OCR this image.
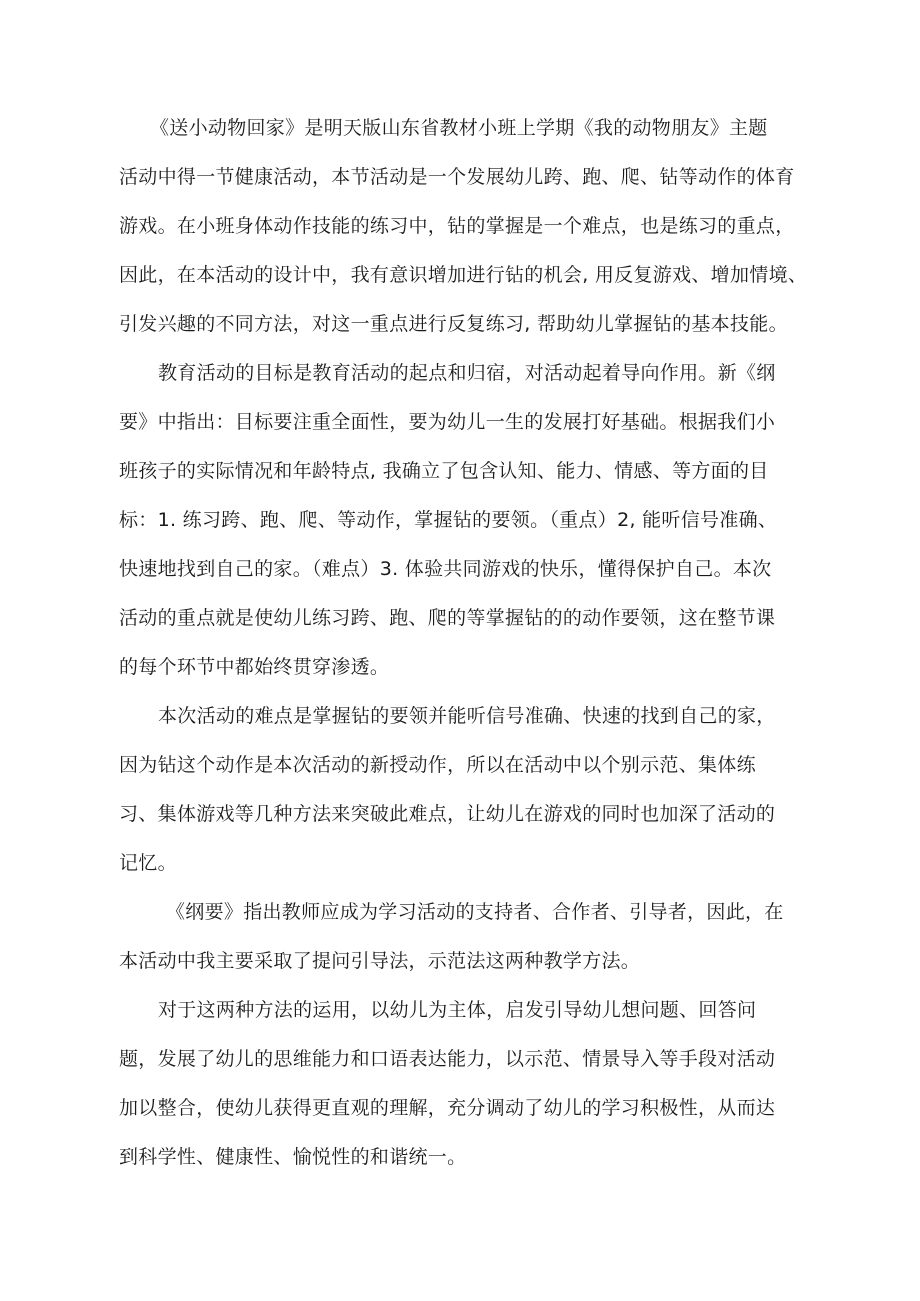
《送小动物回家》是明天版山东省教材小班上学期《我的动物朋友》主题
活动中得一节健康活动，本节活动是一个发展幼儿跨、跑、爬、钻等动作的体育
游戏。在小班身体动作技能的练习中，钻的掌握是一个难点，也是练习的重点，
因此，在本活动的设计中，我有意识增加进行钻的机会, 用反复游戏、增加情境、
引发兴趣的不同方法，对这一重点进行反复练习, 帮助幼儿掌握钻的基本技能。
教育活动的目标是教育活动的起点和归宿，对活动起着导向作用。新《纲
要》中指出：目标要注重全面性，要为幼儿一生的发展打好基础。根据我们小
班孩子的实际情况和年龄特点, 我确立了包含认知、能力、情感、等方面的目
标：1. 练习跨、跑、爬、等动作，掌握钻的要领。（重点）2, 能听信号准确、
快速地找到自己的家。（难点）3. 体验共同游戏的快乐，懂得保护自己。本次
活动的重点就是使幼儿练习跨、跑、爬的等掌握钻的的动作要领，这在整节课
的每个环节中都始终贯穿渗透。
本次活动的难点是掌握钻的要领并能听信号准确、快速的找到自己的家，
因为钻这个动作是本次活动的新授动作，所以在活动中以个别示范、集体练
习、集体游戏等几种方法来突破此难点，让幼儿在游戏的同时也加深了活动的
记忆。
《纲要》指出教师应成为学习活动的支持者、合作者、引导者，因此，在
本活动中我主要采取了提问引导法，示范法这两种教学方法。
对于这两种方法的运用，以幼儿为主体，启发引导幼儿想问题、回答问
题，发展了幼儿的思维能力和口语表达能力，以示范、情景导入等手段对活动
加以整合，使幼儿获得更直观的理解，充分调动了幼儿的学习积极性，从而达
到科学性、健康性、愉悦性的和谐统一。
